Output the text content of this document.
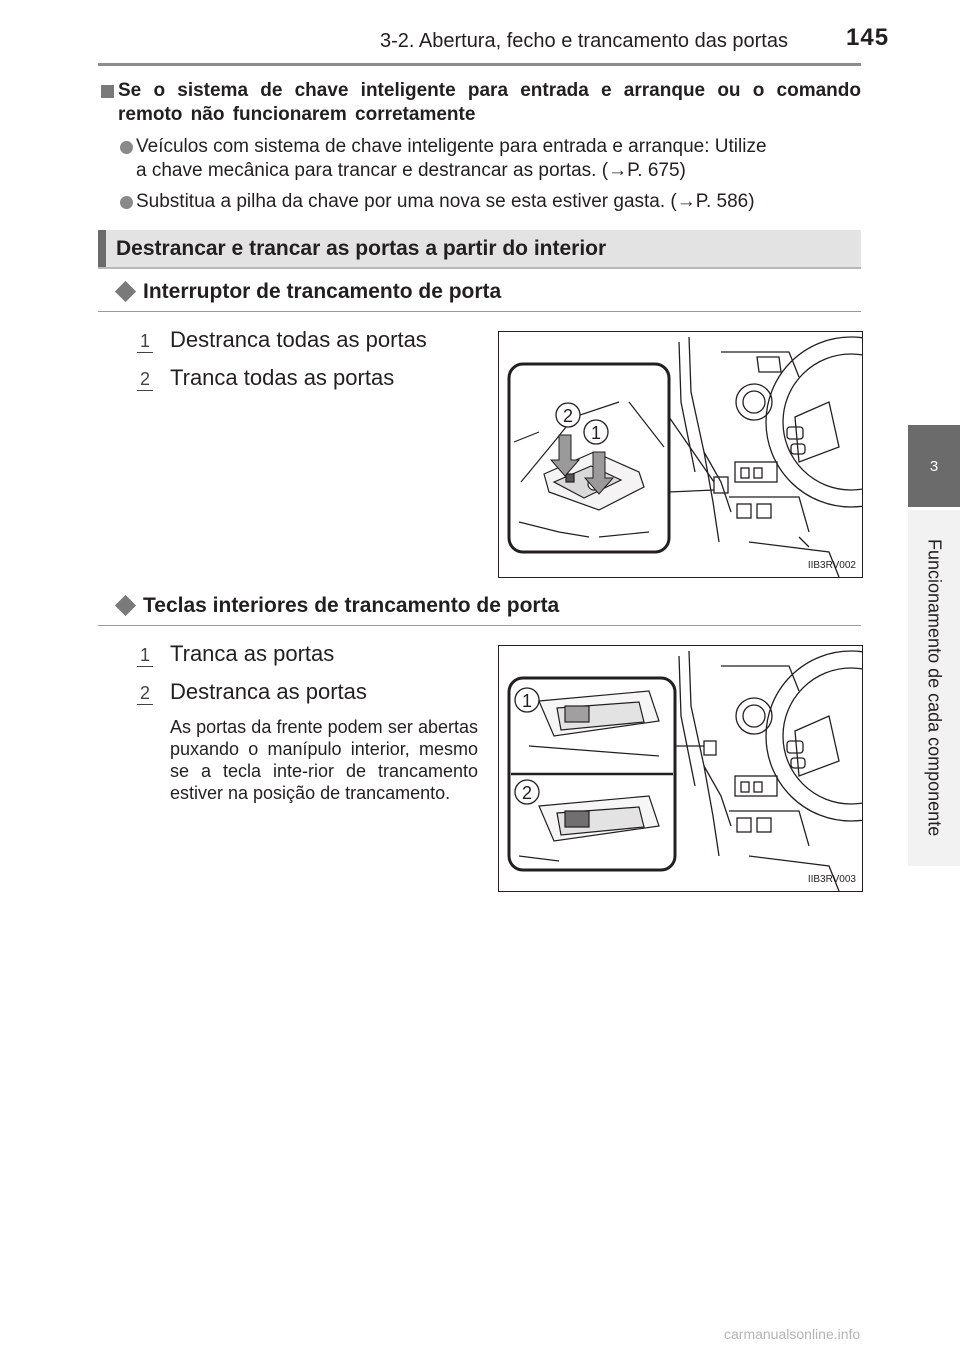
3-2. Abertura, fecho e trancamento das portas 145
3
Funcionamento de cada componente
Se o sistema de chave inteligente para entrada e arranque ou o comando remoto não funcionarem corretamente
Veículos com sistema de chave inteligente para entrada e arranque: Utilize
a chave mecânica para trancar e destrancar as portas. (→P. 675)
Substitua a pilha da chave por uma nova se esta estiver gasta. (→P. 586)
Destrancar e trancar as portas a partir do interior
Interruptor de trancamento de porta
1 Destranca todas as portas
2 Tranca todas as portas
2
1
IIB3RV002
Teclas interiores de trancamento de porta
1 Tranca as portas
2 Destranca as portas
As portas da frente podem ser abertas puxando o manípulo interior, mesmo se a tecla inte-rior de trancamento estiver na posição de trancamento.
1
2
IIB3RV003
carmanualsonline.info
